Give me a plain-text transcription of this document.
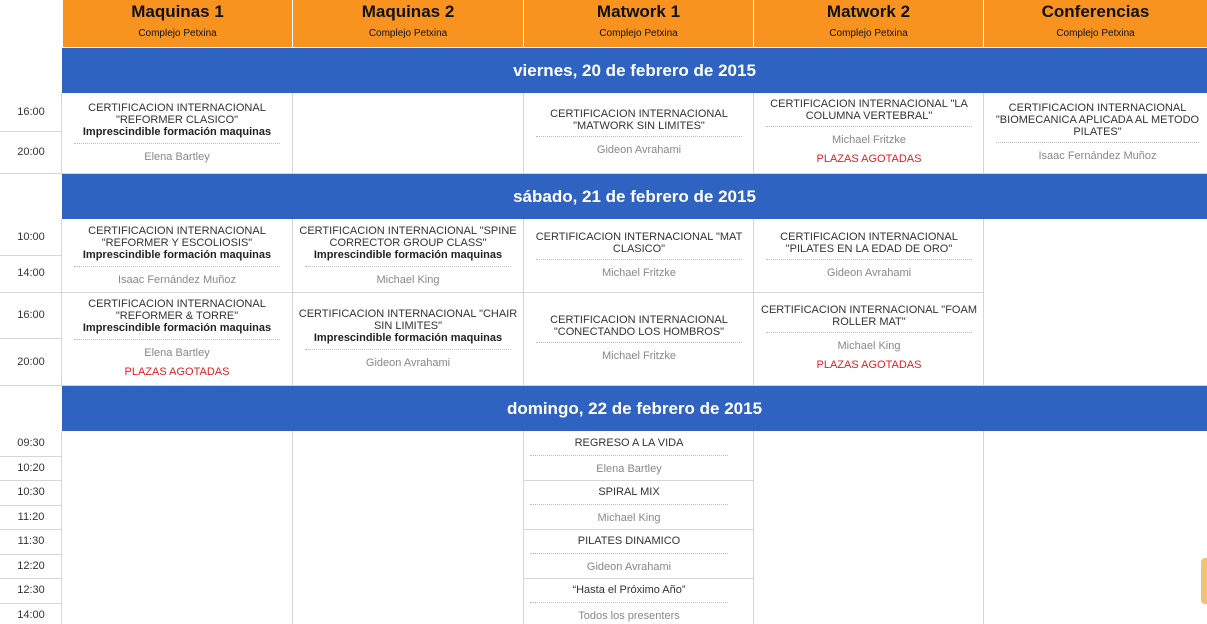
Maquinas 1
Complejo Petxina
Maquinas 2
Complejo Petxina
Matwork 1
Complejo Petxina
Matwork 2
Complejo Petxina
Conferencias
Complejo Petxina
viernes, 20 de febrero de 2015
sábado, 21 de febrero de 2015
domingo, 22 de febrero de 2015
16:00
20:00
10:00
14:00
16:00
20:00
09:30
10:20
10:30
11:20
11:30
12:20
12:30
14:00
CERTIFICACION INTERNACIONAL "REFORMER CLASICO"
Imprescindible formación maquinas
Elena Bartley
CERTIFICACION INTERNACIONAL "MATWORK SIN LIMITES"
Gideon Avrahami
CERTIFICACION INTERNACIONAL "LA COLUMNA VERTEBRAL"
Michael Fritzke
PLAZAS AGOTADAS
CERTIFICACION INTERNACIONAL "BIOMECANICA APLICADA AL METODO PILATES"
Isaac Fernández Muñoz
CERTIFICACION INTERNACIONAL "REFORMER Y ESCOLIOSIS"
Imprescindible formación maquinas
Isaac Fernández Muñoz
CERTIFICACION INTERNACIONAL "SPINE CORRECTOR GROUP CLASS"
Imprescindible formación maquinas
Michael King
CERTIFICACION INTERNACIONAL "MAT CLASICO"
Michael Fritzke
CERTIFICACION INTERNACIONAL "PILATES EN LA EDAD DE ORO"
Gideon Avrahami
CERTIFICACION INTERNACIONAL "REFORMER & TORRE"
Imprescindible formación maquinas
Elena Bartley
PLAZAS AGOTADAS
CERTIFICACION INTERNACIONAL "CHAIR SIN LIMITES"
Imprescindible formación maquinas
Gideon Avrahami
CERTIFICACION INTERNACIONAL "CONECTANDO LOS HOMBROS"
Michael Fritzke
CERTIFICACION INTERNACIONAL "FOAM ROLLER MAT"
Michael King
PLAZAS AGOTADAS
REGRESO A LA VIDA
Elena Bartley
SPIRAL MIX
Michael King
PILATES DINAMICO
Gideon Avrahami
“Hasta el Próximo Año”
Todos los presenters
